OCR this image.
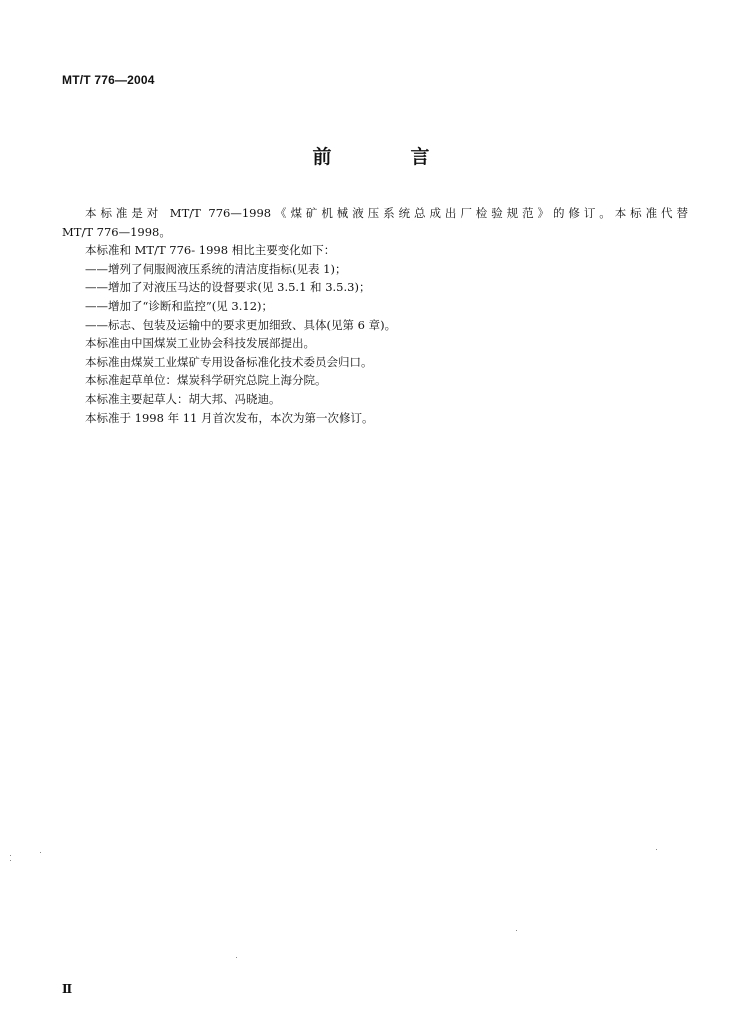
MT/T 776—2004
前　言
本标准是对 MT/T 776—1998《煤矿机械液压系统总成出厂检验规范》的修订。本标准代替
MT/T 776—1998。
本标准和 MT/T 776- 1998 相比主要变化如下：
——增列了伺服阀液压系统的清洁度指标(见表 1)；
——增加了对液压马达的设督要求(见 3.5.1 和 3.5.3)；
——增加了“诊断和监控”(见 3.12)；
——标志、包装及运输中的要求更加细致、具体(见第 6 章)。
本标准由中国煤炭工业协会科技发展部提出。
本标准由煤炭工业煤矿专用设备标准化技术委员会归口。
本标准起草单位：煤炭科学研究总院上海分院。
本标准主要起草人：胡大邦、冯晓迪。
本标准于 1998 年 11 月首次发布，本次为第一次修订。
Ⅱ
